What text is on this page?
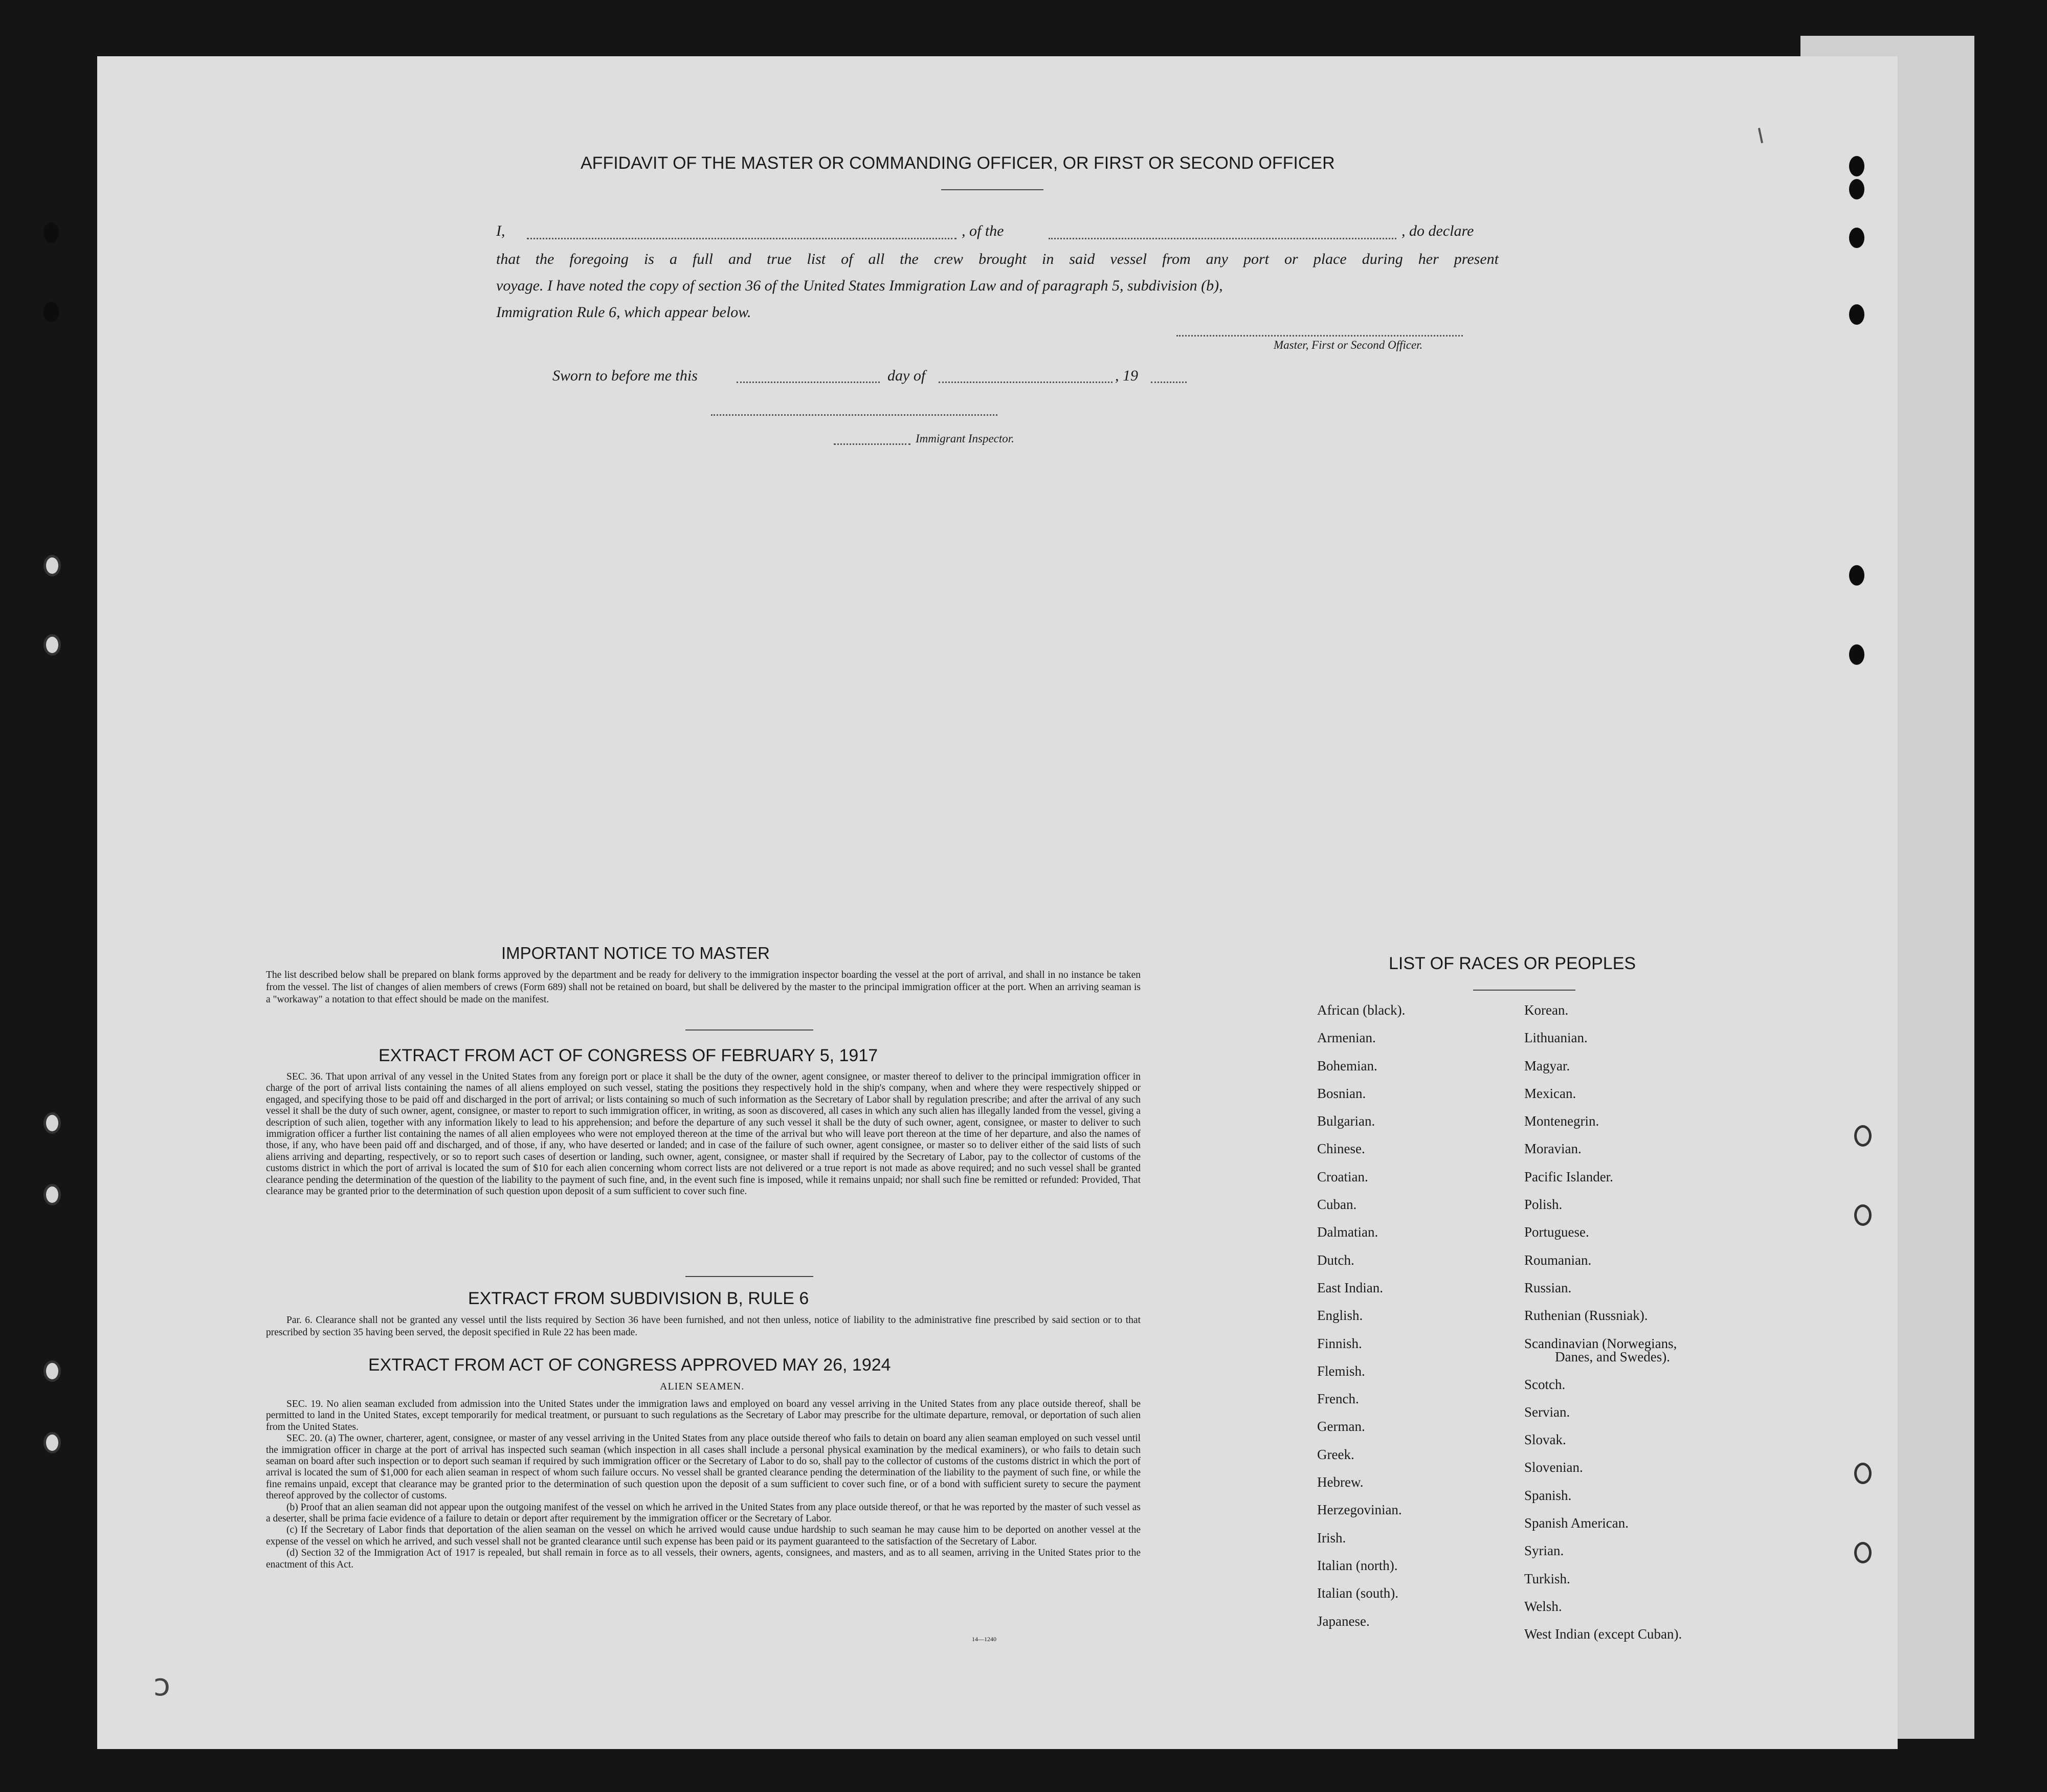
AFFIDAVIT OF THE MASTER OR COMMANDING OFFICER, OR FIRST OR SECOND OFFICER
I,	, of the	, do declare
that the foregoing is a full and true list of all the crew brought in said vessel from any port or place during her present
voyage. I have noted the copy of section 36 of the United States Immigration Law and of paragraph 5, subdivision (b),
Immigration Rule 6, which appear below.
Master, First or Second Officer.
Sworn to before me this	day of	, 19
Immigrant Inspector.
IMPORTANT NOTICE TO MASTER
The list described below shall be prepared on blank forms approved by the department and be ready for delivery to the immigration inspector boarding the vessel at the port of arrival, and shall in no instance be taken from the vessel. The list of changes of alien members of crews (Form 689) shall not be retained on board, but shall be delivered by the master to the principal immigration officer at the port. When an arriving seaman is a "workaway" a notation to that effect should be made on the manifest.
EXTRACT FROM ACT OF CONGRESS OF FEBRUARY 5, 1917
SEC. 36. That upon arrival of any vessel in the United States from any foreign port or place it shall be the duty of the owner, agent consignee, or master thereof to deliver to the principal immigration officer in charge of the port of arrival lists containing the names of all aliens employed on such vessel, stating the positions they respectively hold in the ship's company, when and where they were respectively shipped or engaged, and specifying those to be paid off and discharged in the port of arrival; or lists containing so much of such information as the Secretary of Labor shall by regulation prescribe; and after the arrival of any such vessel it shall be the duty of such owner, agent, consignee, or master to report to such immigration officer, in writing, as soon as discovered, all cases in which any such alien has illegally landed from the vessel, giving a description of such alien, together with any information likely to lead to his apprehension; and before the departure of any such vessel it shall be the duty of such owner, agent, consignee, or master to deliver to such immigration officer a further list containing the names of all alien employees who were not employed thereon at the time of the arrival but who will leave port thereon at the time of her departure, and also the names of those, if any, who have been paid off and discharged, and of those, if any, who have deserted or landed; and in case of the failure of such owner, agent consignee, or master so to deliver either of the said lists of such aliens arriving and departing, respectively, or so to report such cases of desertion or landing, such owner, agent, consignee, or master shall if required by the Secretary of Labor, pay to the collector of customs of the customs district in which the port of arrival is located the sum of $10 for each alien concerning whom correct lists are not delivered or a true report is not made as above required; and no such vessel shall be granted clearance pending the determination of the question of the liability to the payment of such fine, and, in the event such fine is imposed, while it remains unpaid; nor shall such fine be remitted or refunded: Provided, That clearance may be granted prior to the determination of such question upon deposit of a sum sufficient to cover such fine.
EXTRACT FROM SUBDIVISION B, RULE 6
Par. 6. Clearance shall not be granted any vessel until the lists required by Section 36 have been furnished, and not then unless, notice of liability to the administrative fine prescribed by said section or to that prescribed by section 35 having been served, the deposit specified in Rule 22 has been made.
EXTRACT FROM ACT OF CONGRESS APPROVED MAY 26, 1924
ALIEN SEAMEN.
SEC. 19. No alien seaman excluded from admission into the United States under the immigration laws and employed on board any vessel arriving in the United States from any place outside thereof, shall be permitted to land in the United States, except temporarily for medical treatment, or pursuant to such regulations as the Secretary of Labor may prescribe for the ultimate departure, removal, or deportation of such alien from the United States.
SEC. 20. (a) The owner, charterer, agent, consignee, or master of any vessel arriving in the United States from any place outside thereof who fails to detain on board any alien seaman employed on such vessel until the immigration officer in charge at the port of arrival has inspected such seaman (which inspection in all cases shall include a personal physical examination by the medical examiners), or who fails to detain such seaman on board after such inspection or to deport such seaman if required by such immigration officer or the Secretary of Labor to do so, shall pay to the collector of customs of the customs district in which the port of arrival is located the sum of $1,000 for each alien seaman in respect of whom such failure occurs. No vessel shall be granted clearance pending the determination of the liability to the payment of such fine, or while the fine remains unpaid, except that clearance may be granted prior to the determination of such question upon the deposit of a sum sufficient to cover such fine, or of a bond with sufficient surety to secure the payment thereof approved by the collector of customs.
(b) Proof that an alien seaman did not appear upon the outgoing manifest of the vessel on which he arrived in the United States from any place outside thereof, or that he was reported by the master of such vessel as a deserter, shall be prima facie evidence of a failure to detain or deport after requirement by the immigration officer or the Secretary of Labor.
(c) If the Secretary of Labor finds that deportation of the alien seaman on the vessel on which he arrived would cause undue hardship to such seaman he may cause him to be deported on another vessel at the expense of the vessel on which he arrived, and such vessel shall not be granted clearance until such expense has been paid or its payment guaranteed to the satisfaction of the Secretary of Labor.
(d) Section 32 of the Immigration Act of 1917 is repealed, but shall remain in force as to all vessels, their owners, agents, consignees, and masters, and as to all seamen, arriving in the United States prior to the enactment of this Act.
14—1240
LIST OF RACES OR PEOPLES
African (black).
Armenian.
Bohemian.
Bosnian.
Bulgarian.
Chinese.
Croatian.
Cuban.
Dalmatian.
Dutch.
East Indian.
English.
Finnish.
Flemish.
French.
German.
Greek.
Hebrew.
Herzegovinian.
Irish.
Italian (north).
Italian (south).
Japanese.
Korean.
Lithuanian.
Magyar.
Mexican.
Montenegrin.
Moravian.
Pacific Islander.
Polish.
Portuguese.
Roumanian.
Russian.
Ruthenian (Russniak).
Scandinavian (Norwegians,
Danes, and Swedes).
Scotch.
Servian.
Slovak.
Slovenian.
Spanish.
Spanish American.
Syrian.
Turkish.
Welsh.
West Indian (except Cuban).
ↄ
